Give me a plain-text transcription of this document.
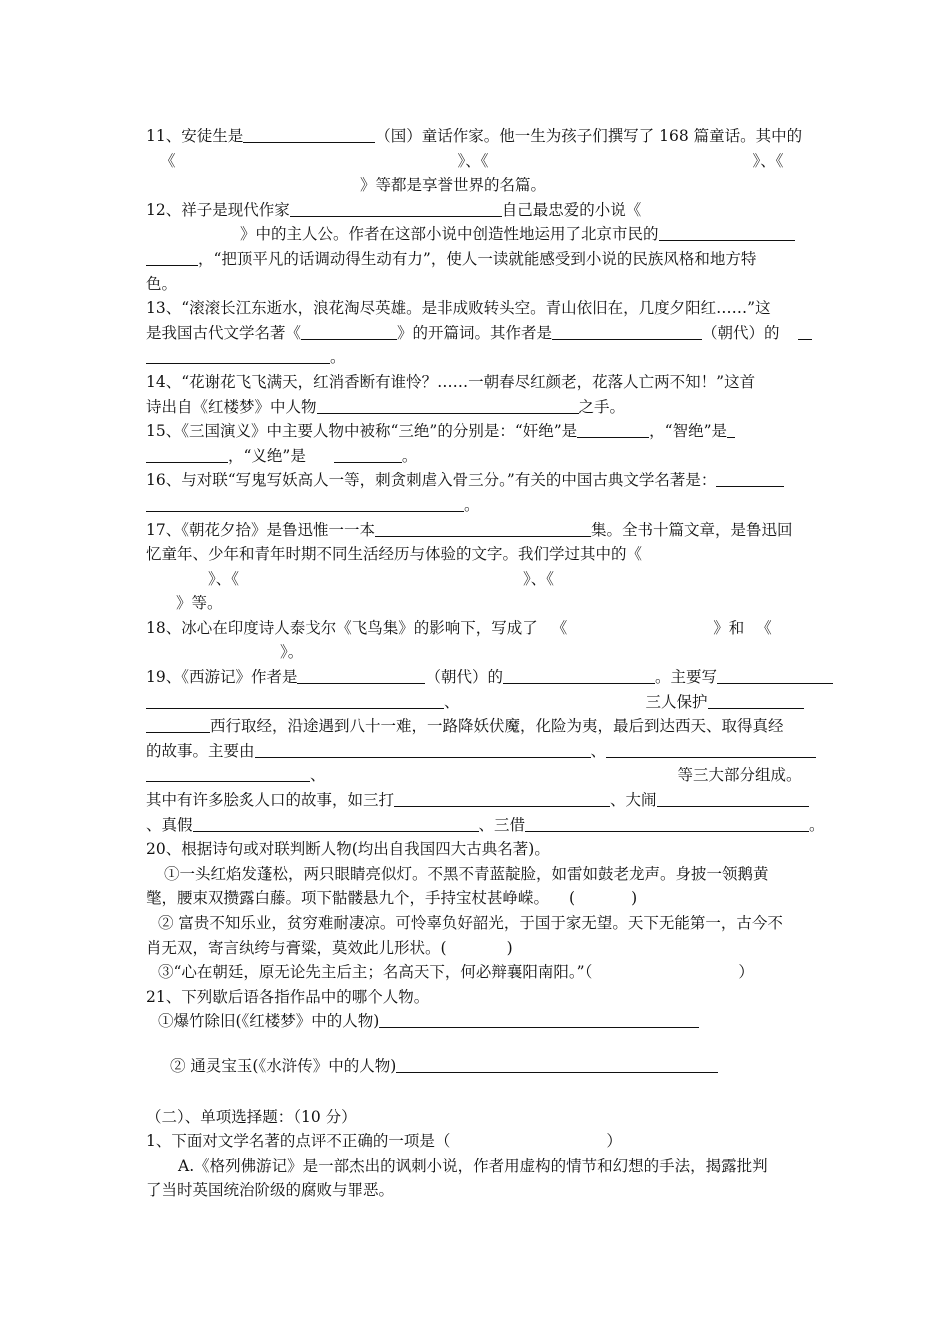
11、安徒生是	（国）童话作家。他一生为孩子们撰写了 168 篇童话。其中的
《	》、《	》、《
》等都是享誉世界的名篇。
12、祥子是现代作家	自己最忠爱的小说《
》中的主人公。作者在这部小说中创造性地运用了北京市民的
，“把顶平凡的话调动得生动有力”，使人一读就能感受到小说的民族风格和地方特
色。
13、“滚滚长江东逝水，浪花淘尽英雄。是非成败转头空。青山依旧在，几度夕阳红……”这
是我国古代文学名著《	》的开篇词。其作者是	（朝代）的
。
14、“花谢花飞飞满天，红消香断有谁怜？……一朝春尽红颜老，花落人亡两不知！”这首
诗出自《红楼梦》中人物	之手。
15、《三国演义》中主要人物中被称“三绝”的分别是：“奸绝”是	，“智绝”是
，“义绝”是	。
16、与对联“写鬼写妖高人一等，刺贪刺虐入骨三分。”有关的中国古典文学名著是：
。
17、《朝花夕拾》是鲁迅惟一一本	集。全书十篇文章，是鲁迅回
忆童年、少年和青年时期不同生活经历与体验的文字。我们学过其中的《
》、《	》、《
》等。
18、冰心在印度诗人泰戈尔《飞鸟集》的影响下，写成了 《	》和 《
》。
19、《西游记》作者是	（朝代）的	。主要写
、	三人保护
西行取经，沿途遇到八十一难，一路降妖伏魔，化险为夷，最后到达西天、取得真经
的故事。主要由	、
、	等三大部分组成。
其中有许多脍炙人口的故事，如三打	、大闹
、真假	、三借	。
20、根据诗句或对联判断人物(均出自我国四大古典名著)。
①一头红焰发蓬松，两只眼睛亮似灯。不黑不青蓝靛脸，如雷如鼓老龙声。身披一领鹅黄
氅，腰束双攒露白藤。项下骷髅悬九个，手持宝杖甚峥嵘。 (	)
② 富贵不知乐业，贫穷难耐凄凉。可怜辜负好韶光，于国于家无望。天下无能第一，古今不
肖无双，寄言纨绔与膏粱，莫效此儿形状。(	)
③“心在朝廷，原无论先主后主；名高天下，何必辩襄阳南阳。”（	）
21、下列歇后语各指作品中的哪个人物。
①爆竹除旧(《红楼梦》中的人物)
② 通灵宝玉(《水浒传》中的人物)
（二）、单项选择题：（10 分）
1、下面对文学名著的点评不正确的一项是（	）
A.《格列佛游记》是一部杰出的讽刺小说，作者用虚构的情节和幻想的手法，揭露批判
了当时英国统治阶级的腐败与罪恶。
